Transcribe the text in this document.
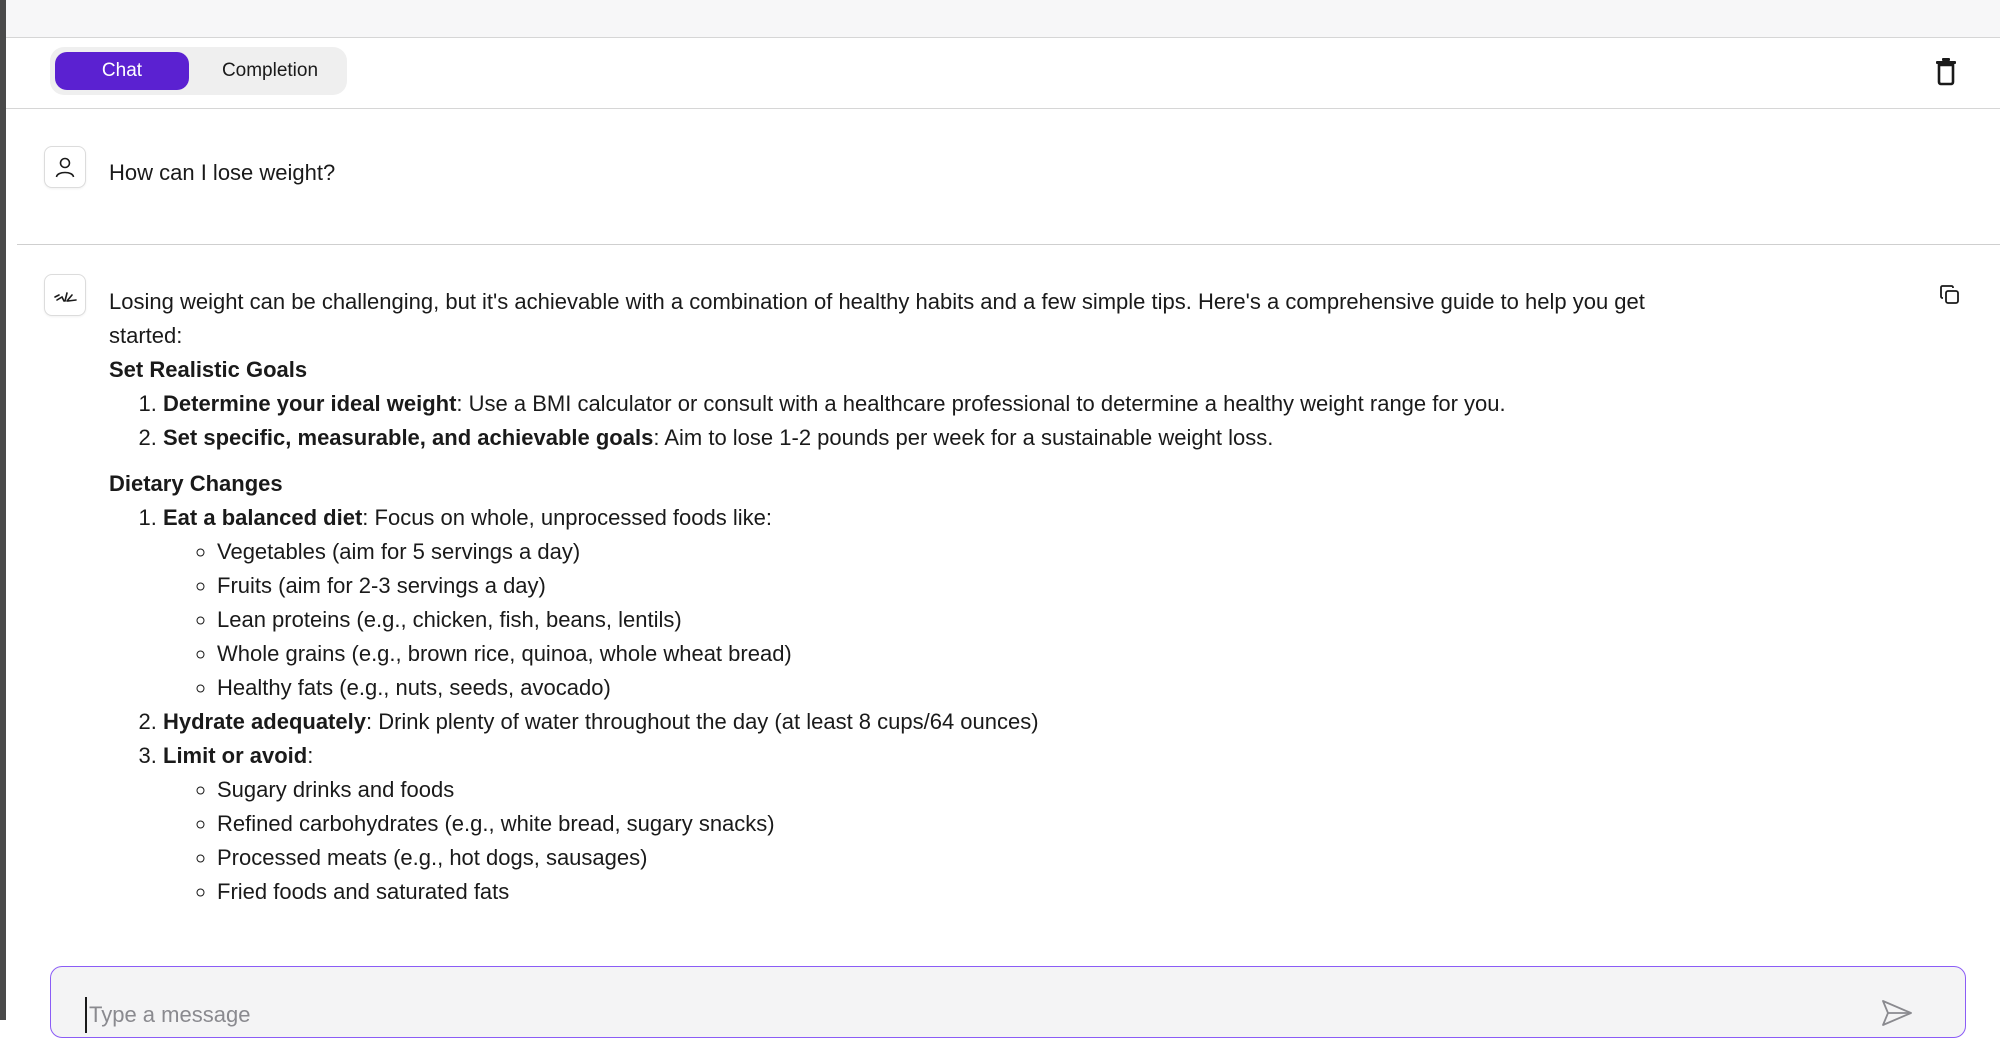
Chat	Completion
How can I lose weight?

Losing weight can be challenging, but it's achievable with a combination of healthy habits and a few simple tips. Here's a comprehensive guide to help you get started:

Set Realistic Goals

1. Determine your ideal weight: Use a BMI calculator or consult with a healthcare professional to determine a healthy weight range for you.
2. Set specific, measurable, and achievable goals: Aim to lose 1-2 pounds per week for a sustainable weight loss.

Dietary Changes

1. Eat a balanced diet: Focus on whole, unprocessed foods like:
◦ Vegetables (aim for 5 servings a day)
◦ Fruits (aim for 2-3 servings a day)
◦ Lean proteins (e.g., chicken, fish, beans, lentils)
◦ Whole grains (e.g., brown rice, quinoa, whole wheat bread)
◦ Healthy fats (e.g., nuts, seeds, avocado)
2. Hydrate adequately: Drink plenty of water throughout the day (at least 8 cups/64 ounces)
3. Limit or avoid:
◦ Sugary drinks and foods
◦ Refined carbohydrates (e.g., white bread, sugary snacks)
◦ Processed meats (e.g., hot dogs, sausages)
◦ Fried foods and saturated fats
Type a message
